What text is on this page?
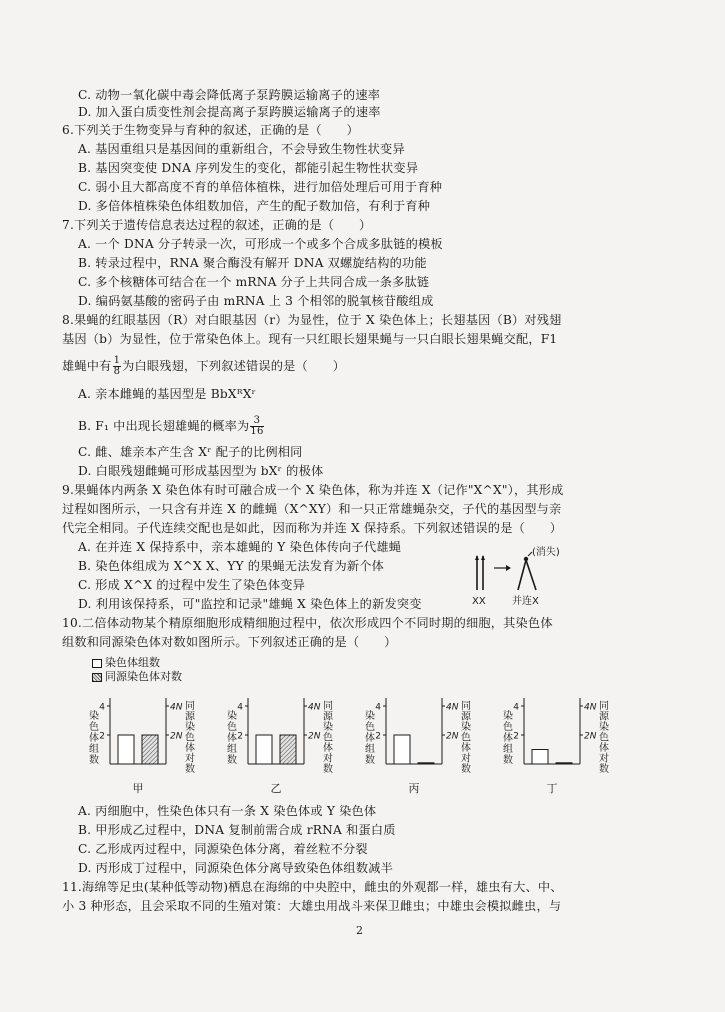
C. 动物一氧化碳中毒会降低离子泵跨膜运输离子的速率
D. 加入蛋白质变性剂会提高离子泵跨膜运输离子的速率
6.下列关于生物变异与育种的叙述，正确的是（　　）
A. 基因重组只是基因间的重新组合，不会导致生物性状变异
B. 基因突变使 DNA 序列发生的变化，都能引起生物性状变异
C. 弱小且大都高度不育的单倍体植株，进行加倍处理后可用于育种
D. 多倍体植株染色体组数加倍，产生的配子数加倍，有利于育种
7.下列关于遗传信息表达过程的叙述，正确的是（　　）
A. 一个 DNA 分子转录一次，可形成一个或多个合成多肽链的模板
B. 转录过程中，RNA 聚合酶没有解开 DNA 双螺旋结构的功能
C. 多个核糖体可结合在一个 mRNA 分子上共同合成一条多肽链
D. 编码氨基酸的密码子由 mRNA 上 3 个相邻的脱氧核苷酸组成
8.果蝇的红眼基因（R）对白眼基因（r）为显性，位于 X 染色体上；长翅基因（B）对残翅
基因（b）为显性，位于常染色体上。现有一只红眼长翅果蝇与一只白眼长翅果蝇交配，F1
雄蝇中有 $\frac{1}{8}$ 为白眼残翅，下列叙述错误的是（　　）
A. 亲本雌蝇的基因型是 BbXᴿXʳ
B. F₁ 中出现长翅雄蝇的概率为 $\frac{3}{16}$
C. 雌、雄亲本产生含 Xʳ 配子的比例相同
D. 白眼残翅雌蝇可形成基因型为 bXʳ 的极体
9.果蝇体内两条 X 染色体有时可融合成一个 X 染色体，称为并连 X（记作"X^X"），其形成
过程如图所示，一只含有并连 X 的雌蝇（X^XY）和一只正常雄蝇杂交，子代的基因型与亲
代完全相同。子代连续交配也是如此，因而称为并连 X 保持系。下列叙述错误的是（　　）
A. 在并连 X 保持系中，亲本雄蝇的 Y 染色体传向子代雄蝇
B. 染色体组成为 X^X X、YY 的果蝇无法发育为新个体
C. 形成 X^X 的过程中发生了染色体变异
D. 利用该保持系，可"监控和记录"雄蝇 X 染色体上的新发突变
(消失)
XX	并连X
10.二倍体动物某个精原细胞形成精细胞过程中，依次形成四个不同时期的细胞，其染色体
组数和同源染色体对数如图所示。下列叙述正确的是（　　）
染色体组数
同源染色体对数
2	2N
4	4N
染色体组数	同源染色体对数
甲
2	2N
4	4N
染色体组数	同源染色体对数
乙
2	2N
4	4N
染色体组数	同源染色体对数
丙
2	2N
4	4N
染色体组数	同源染色体对数
丁
A. 丙细胞中，性染色体只有一条 X 染色体或 Y 染色体
B. 甲形成乙过程中，DNA 复制前需合成 rRNA 和蛋白质
C. 乙形成丙过程中，同源染色体分离，着丝粒不分裂
D. 丙形成丁过程中，同源染色体分离导致染色体组数减半
11.海绵等足虫(某种低等动物)栖息在海绵的中央腔中，雌虫的外观都一样，雄虫有大、中、
小 3 种形态，且会采取不同的生殖对策：大雄虫用战斗来保卫雌虫；中雄虫会模拟雌虫，与
2
